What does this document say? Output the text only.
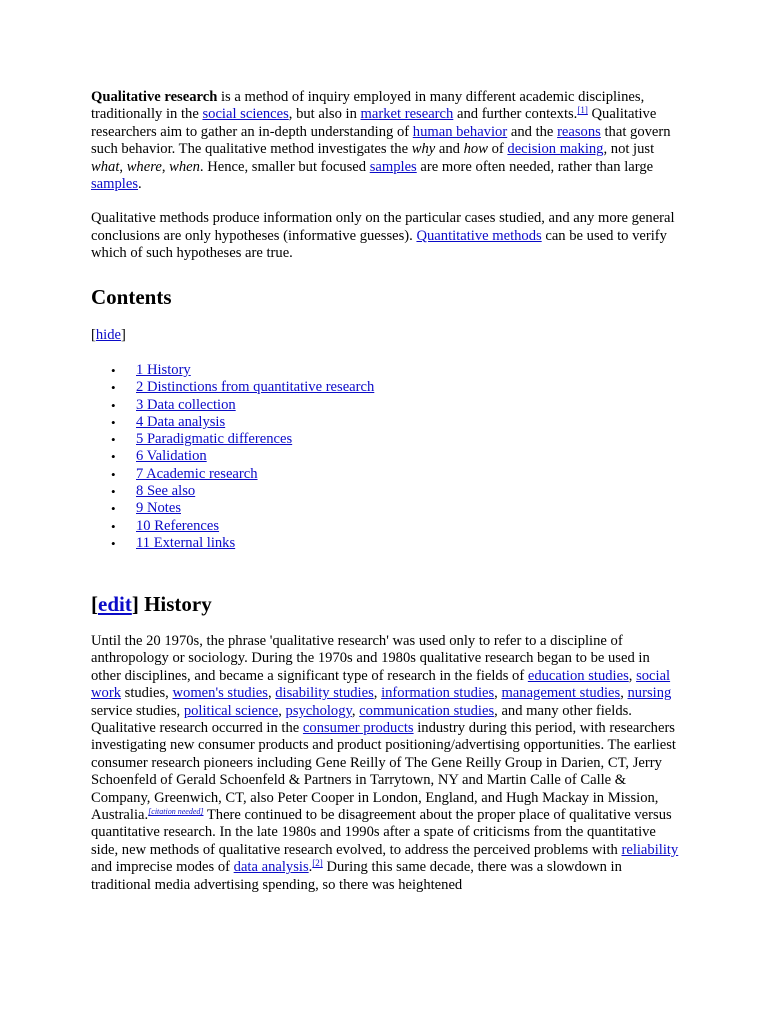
Qualitative research is a method of inquiry employed in many different academic disciplines, traditionally in the social sciences, but also in market research and further contexts.[1] Qualitative researchers aim to gather an in-depth understanding of human behavior and the reasons that govern such behavior. The qualitative method investigates the why and how of decision making, not just what, where, when. Hence, smaller but focused samples are more often needed, rather than large samples.

Qualitative methods produce information only on the particular cases studied, and any more general conclusions are only hypotheses (informative guesses). Quantitative methods can be used to verify which of such hypotheses are true.

Contents
[hide]
• 1 History
• 2 Distinctions from quantitative research
• 3 Data collection
• 4 Data analysis
• 5 Paradigmatic differences
• 6 Validation
• 7 Academic research
• 8 See also
• 9 Notes
• 10 References
• 11 External links
[edit] History

Until the 20 1970s, the phrase 'qualitative research' was used only to refer to a discipline of anthropology or sociology. During the 1970s and 1980s qualitative research began to be used in other disciplines, and became a significant type of research in the fields of education studies, social work studies, women's studies, disability studies, information studies, management studies, nursing service studies, political science, psychology, communication studies, and many other fields. Qualitative research occurred in the consumer products industry during this period, with researchers investigating new consumer products and product positioning/advertising opportunities. The earliest consumer research pioneers including Gene Reilly of The Gene Reilly Group in Darien, CT, Jerry Schoenfeld of Gerald Schoenfeld & Partners in Tarrytown, NY and Martin Calle of Calle & Company, Greenwich, CT, also Peter Cooper in London, England, and Hugh Mackay in Mission, Australia.[citation needed] There continued to be disagreement about the proper place of qualitative versus quantitative research. In the late 1980s and 1990s after a spate of criticisms from the quantitative side, new methods of qualitative research evolved, to address the perceived problems with reliability and imprecise modes of data analysis.[2] During this same decade, there was a slowdown in traditional media advertising spending, so there was heightened
